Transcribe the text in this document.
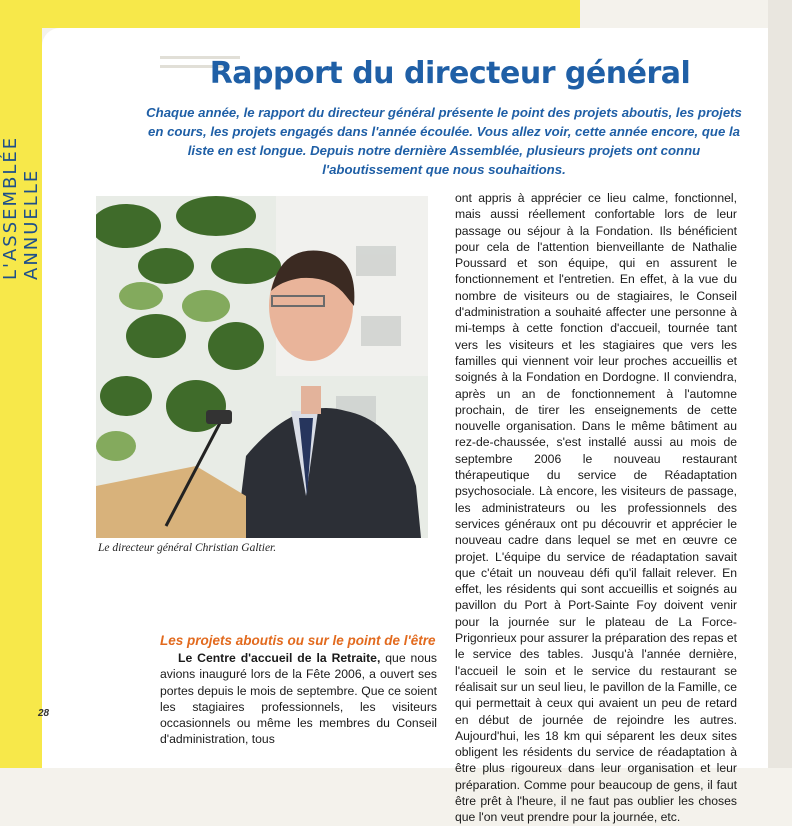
L'ASSEMBLÉE ANNUELLE
Rapport du directeur général

Chaque année, le rapport du directeur général présente le point des projets aboutis, les projets en cours, les projets engagés dans l'année écoulée. Vous allez voir, cette année encore, que la liste en est longue. Depuis notre dernière Assemblée, plusieurs projets ont connu l'aboutissement que nous souhaitions.

Le directeur général Christian Galtier.
Les projets aboutis ou sur le point de l'être
Le Centre d'accueil de la Retraite, que nous avions inauguré lors de la Fête 2006, a ouvert ses portes depuis le mois de septembre. Que ce soient les stagiaires professionnels, les visiteurs occasionnels ou même les membres du Conseil d'administration, tous
ont appris à apprécier ce lieu calme, fonctionnel, mais aussi réellement confortable lors de leur passage ou séjour à la Fondation. Ils bénéficient pour cela de l'attention bienveillante de Nathalie Poussard et son équipe, qui en assurent le fonctionnement et l'entretien. En effet, à la vue du nombre de visiteurs ou de stagiaires, le Conseil d'administration a souhaité affecter une personne à mi-temps à cette fonction d'accueil, tournée tant vers les visiteurs et les stagiaires que vers les familles qui viennent voir leur proches accueillis et soignés à la Fondation en Dordogne. Il conviendra, après un an de fonctionnement à l'automne prochain, de tirer les enseignements de cette nouvelle organisation. Dans le même bâtiment au rez-de-chaussée, s'est installé aussi au mois de septembre 2006 le nouveau restaurant thérapeutique du service de Réadaptation psychosociale. Là encore, les visiteurs de passage, les administrateurs ou les professionnels des services généraux ont pu découvrir et apprécier le nouveau cadre dans lequel se met en œuvre ce projet. L'équipe du service de réadaptation savait que c'était un nouveau défi qu'il fallait relever. En effet, les résidents qui sont accueillis et soignés au pavillon du Port à Port-Sainte Foy doivent venir pour la journée sur le plateau de La Force-Prigonrieux pour assurer la préparation des repas et le service des tables. Jusqu'à l'année dernière, l'accueil le soin et le service du restaurant se réalisait sur un seul lieu, le pavillon de la Famille, ce qui permettait à ceux qui avaient un peu de retard en début de journée de rejoindre les autres. Aujourd'hui, les 18 km qui séparent les deux sites obligent les résidents du service de réadaptation à être plus rigoureux dans leur organisation et leur préparation. Comme pour beaucoup de gens, il faut être prêt à l'heure, il ne faut pas oublier les choses que l'on veut prendre pour la journée, etc.
28
